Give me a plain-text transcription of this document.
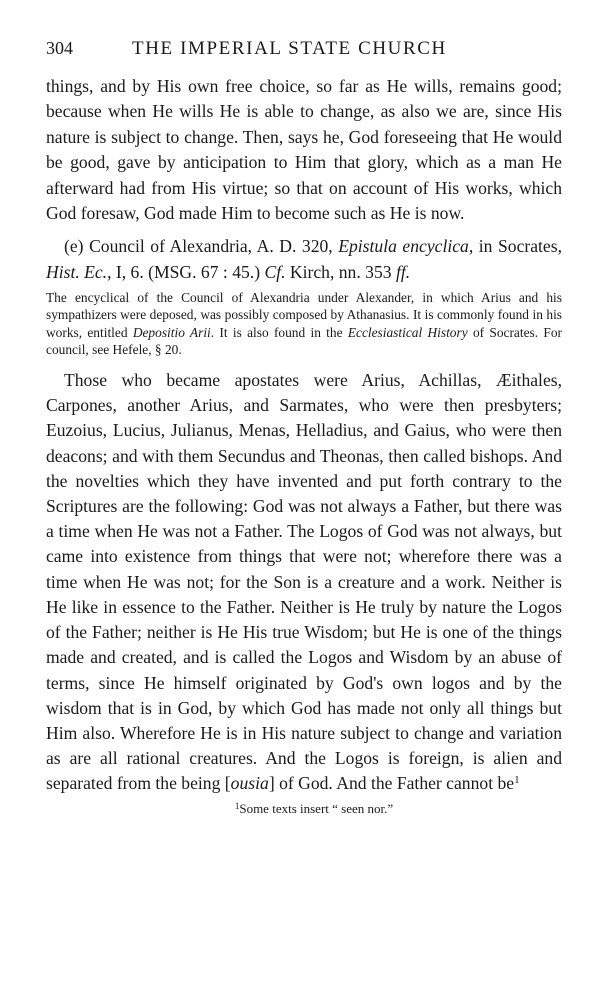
304	THE IMPERIAL STATE CHURCH

things, and by His own free choice, so far as He wills, remains good; because when He wills He is able to change, as also we are, since His nature is subject to change. Then, says he, God foreseeing that He would be good, gave by anticipation to Him that glory, which as a man He afterward had from His virtue; so that on account of His works, which God foresaw, God made Him to become such as He is now.

(e) Council of Alexandria, A. D. 320, Epistula encyclica, in Socrates, Hist. Ec., I, 6. (MSG. 67 : 45.) Cf. Kirch, nn. 353 ff.

The encyclical of the Council of Alexandria under Alexander, in which Arius and his sympathizers were deposed, was possibly composed by Athanasius. It is commonly found in his works, entitled Depositio Arii. It is also found in the Ecclesiastical History of Socrates. For council, see Hefele, § 20.

Those who became apostates were Arius, Achillas, Æithales, Carpones, another Arius, and Sarmates, who were then presbyters; Euzoius, Lucius, Julianus, Menas, Helladius, and Gaius, who were then deacons; and with them Secundus and Theonas, then called bishops. And the novelties which they have invented and put forth contrary to the Scriptures are the following: God was not always a Father, but there was a time when He was not a Father. The Logos of God was not always, but came into existence from things that were not; wherefore there was a time when He was not; for the Son is a creature and a work. Neither is He like in essence to the Father. Neither is He truly by nature the Logos of the Father; neither is He His true Wisdom; but He is one of the things made and created, and is called the Logos and Wisdom by an abuse of terms, since He himself originated by God's own logos and by the wisdom that is in God, by which God has made not only all things but Him also. Wherefore He is in His nature subject to change and variation as are all rational creatures. And the Logos is foreign, is alien and separated from the being [ousia] of God. And the Father cannot $be^1$

$^1$Some texts insert “ seen nor.”
